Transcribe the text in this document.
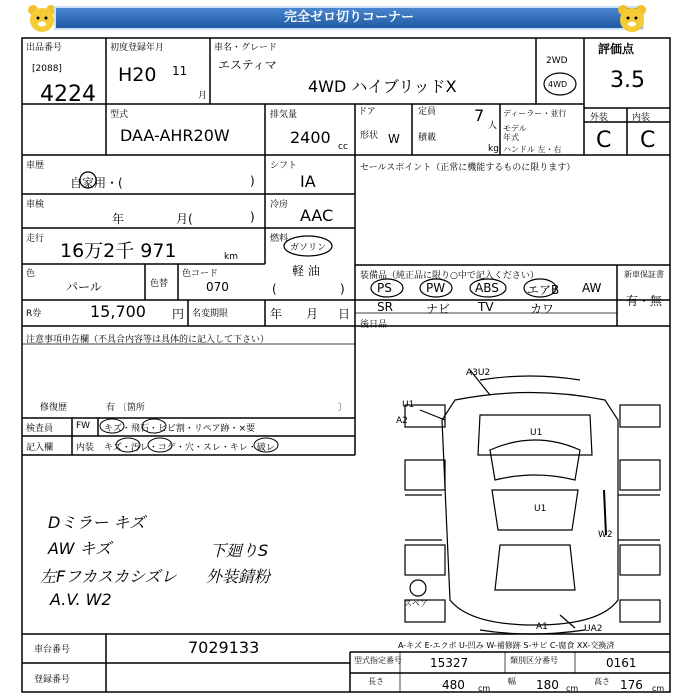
完全ゼロ切りコーナー
出品番号
[2088]
4224
初度登録年月
H20 11
月
車名・グレード
エスティマ
4WD ハイブリッドX
2WD
4WD
評価点
3.5
型式
DAA-AHR20W
排気量
2400 cc
ドア
形状 W
定員 7
人
積載
kg
ディーラー・並行
モデル年式
ハンドル 左・右
外装	内装
C C
車歴
自家用・(	)
シフト
IA
セールスポイント（正常に機能するものに限ります）
車検
年	月(	)
冷房
AAC
走行
16万2千 971	km
燃料
ガソリン
軽 油
(	)
色
パール	色替
色コード
070
R券	15,700 円 名変期限	年 月 日
装備品（純正品に限り○中で記入ください）
PS	PW ABS エアB AW
SR	ナビ TV	カワ
新車保証書
有・無
後日品
注意事項申告欄（不具合内容等は具体的に記入して下さい）
修復歴	有 〔箇所	〕
検査員	FW キズ・飛石・ヒビ割・リペア跡・×要
記入欄	内装 キズ・汚レ・コゲ・穴・スレ・キレ・破レ
Dミラー キズ
AW キズ
左Fフカスカシズレ
A.V. W2
下廻りS
外装錆粉
A3U2
U1
A2
U1
U1
W2
A1	UA2
スペア
A-キズ E-エクボ U-凹み W-補修跡 S-サビ C-腐食 XX-交換済
車台番号	7029133
登録番号
型式指定番号 15327	類別区分番号	0161
長さ	480 cm
幅 180 cm
高さ 176 cm
